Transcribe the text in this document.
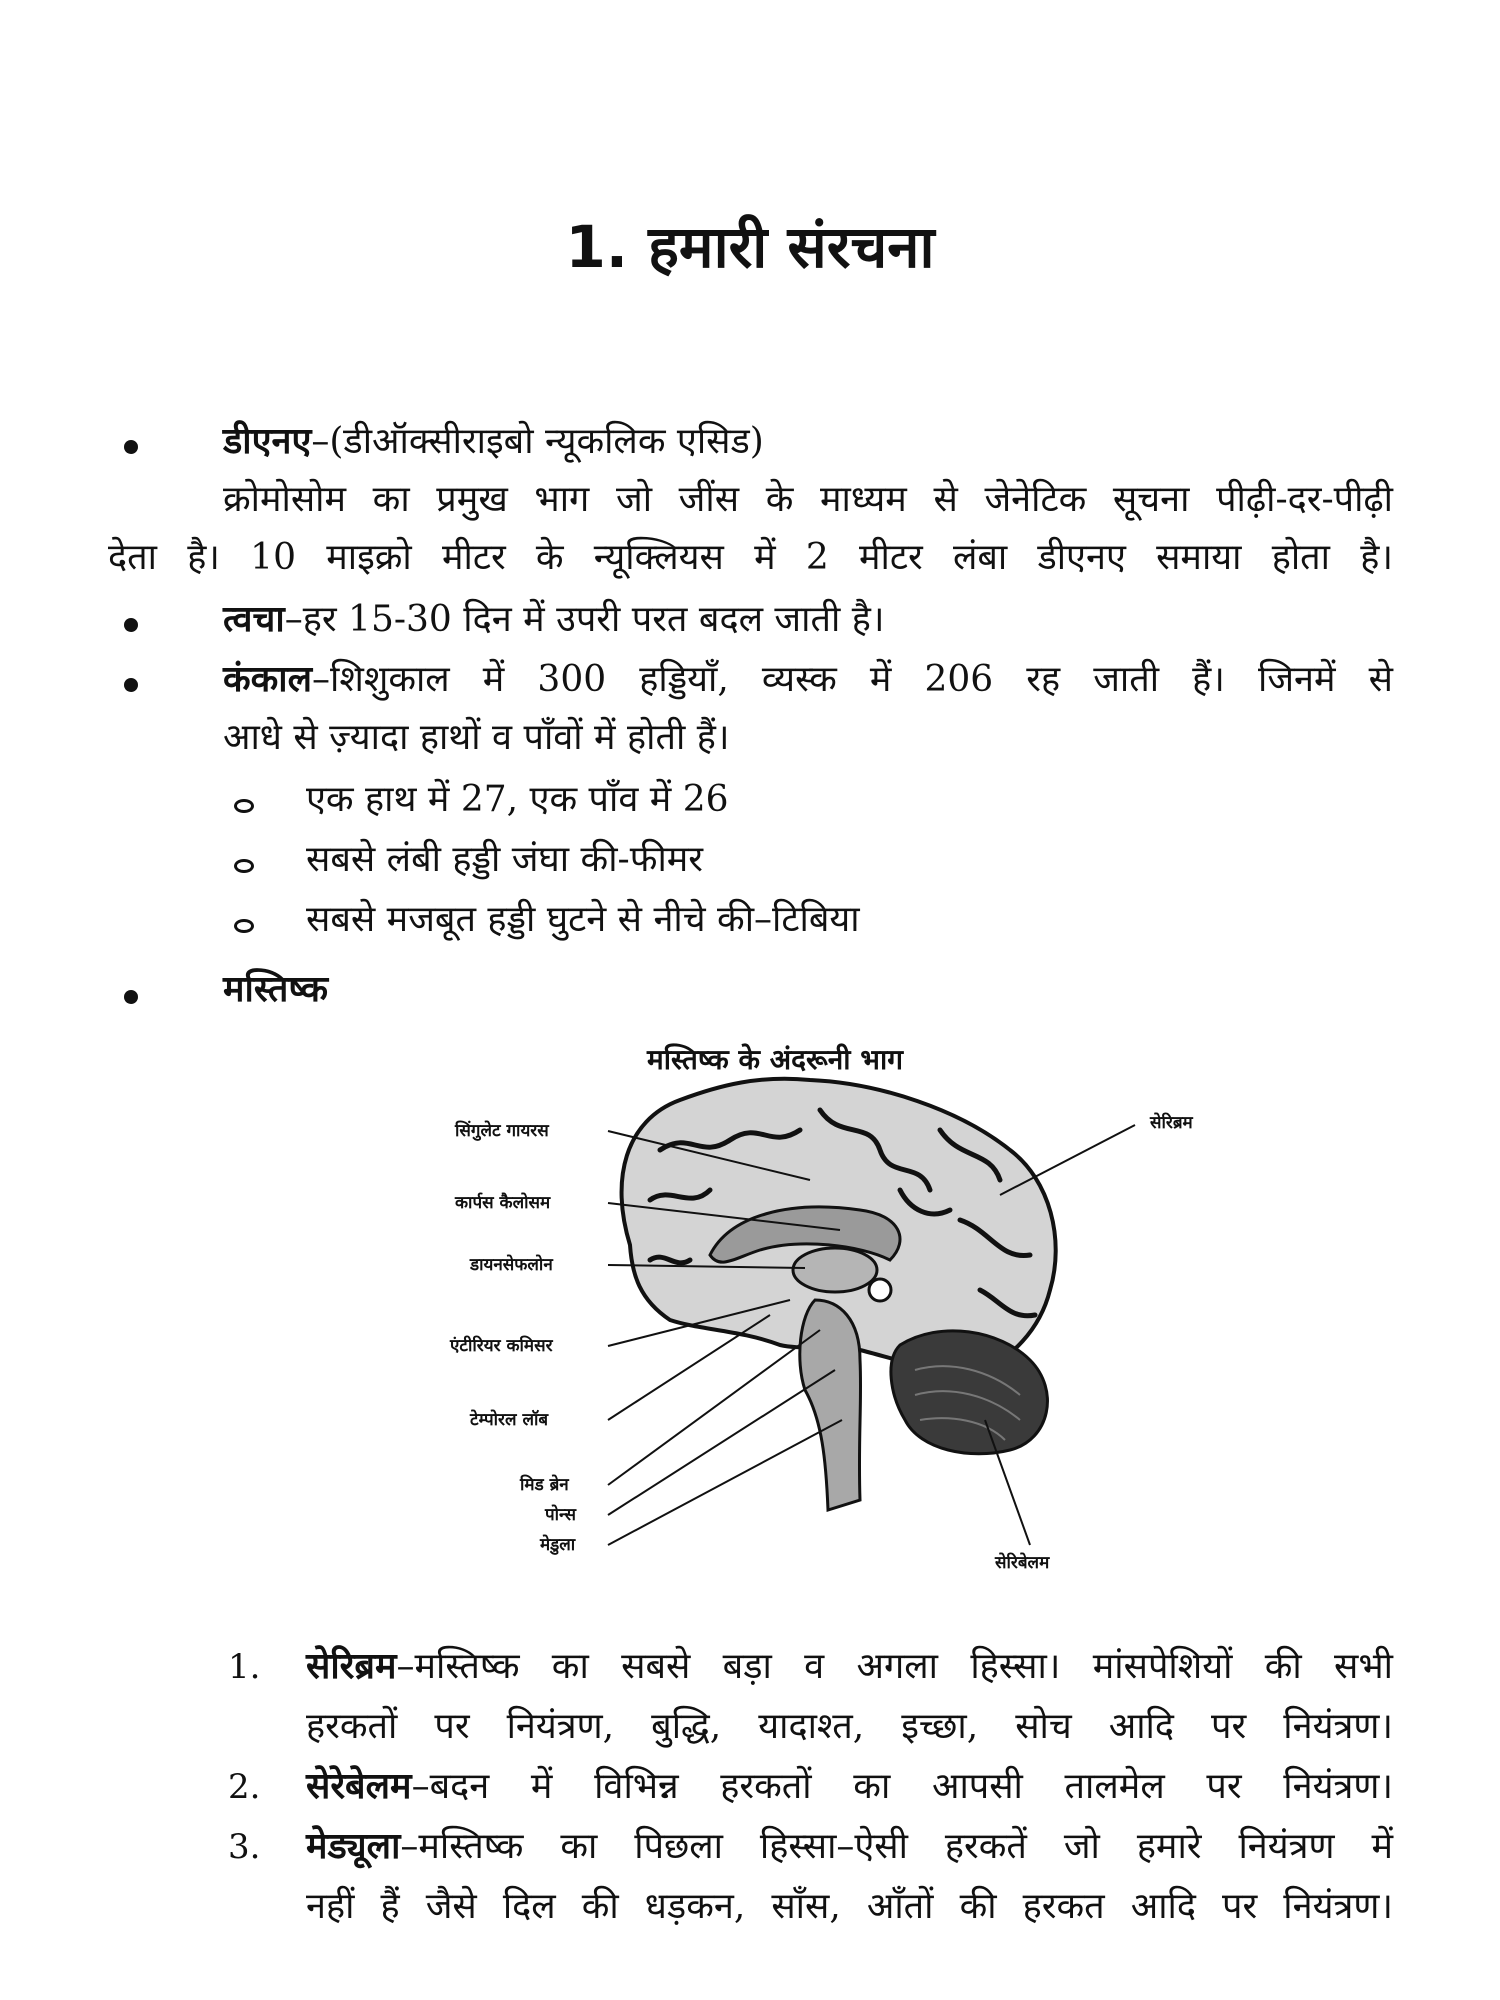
1. हमारी संरचना
डीएनए–(डीऑक्सीराइबो न्यूकलिक एसिड)
क्रोमोसोम का प्रमुख भाग जो जींस के माध्यम से जेनेटिक सूचना पीढ़ी-दर-पीढ़ी
देता है। 10 माइक्रो मीटर के न्यूक्लियस में 2 मीटर लंबा डीएनए समाया होता है।
त्वचा–हर 15-30 दिन में उपरी परत बदल जाती है।
कंकाल–शिशुकाल में 300 हड्डियाँ, व्यस्क में 206 रह जाती हैं। जिनमें से
आधे से ज़्यादा हाथों व पाँवों में होती हैं।
एक हाथ में 27, एक पाँव में 26
सबसे लंबी हड्डी जंघा की-फीमर
सबसे मजबूत हड्डी घुटने से नीचे की–टिबिया
मस्तिष्क
मस्तिष्क के अंदरूनी भाग
सिंगुलेट गायरस
कार्पस कैलोसम
डायनसेफलोन
एंटीरियर कमिसर
टेम्पोरल लॉब
मिड ब्रेन
पोन्स
मेडुला
सेरिब्रम
सेरिबेलम
1. सेरिब्रम–मस्तिष्क का सबसे बड़ा व अगला हिस्सा। मांसपेशियों की सभी
हरकतों पर नियंत्रण, बुद्धि, यादाश्त, इच्छा, सोच आदि पर नियंत्रण।
2. सेरेबेलम–बदन में विभिन्न हरकतों का आपसी तालमेल पर नियंत्रण।
3. मेड्यूला–मस्तिष्क का पिछला हिस्सा–ऐसी हरकतें जो हमारे नियंत्रण में
नहीं हैं जैसे दिल की धड़कन, साँस, आँतों की हरकत आदि पर नियंत्रण।
